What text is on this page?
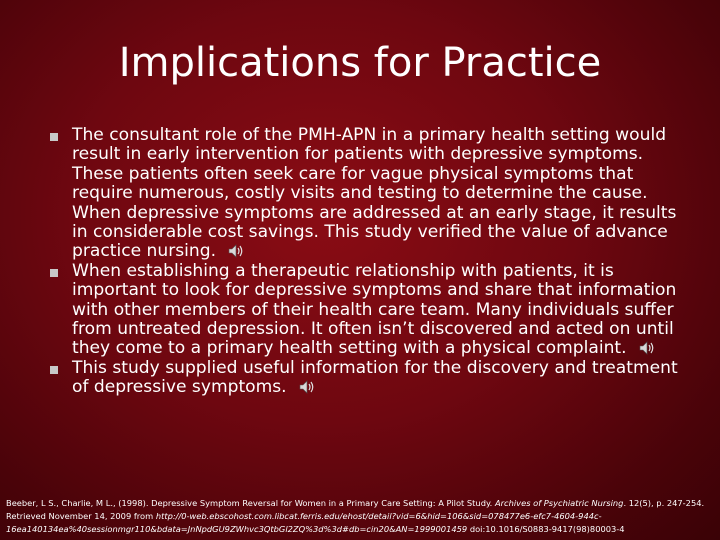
Implications for Practice
The consultant role of the PMH-APN in a primary health setting would result in early intervention for patients with depressive symptoms. These patients often seek care for vague physical symptoms that require numerous, costly visits and testing to determine the cause. When depressive symptoms are addressed at an early stage, it results in considerable cost savings. This study verified the value of advance practice nursing.
When establishing a therapeutic relationship with patients, it is important to look for depressive symptoms and share that information with other members of their health care team. Many individuals suffer from untreated depression. It often isn’t discovered and acted on until they come to a primary health setting with a physical complaint.
This study supplied useful information for the discovery and treatment of depressive symptoms.

Beeber, L S., Charlie, M L., (1998). Depressive Symptom Reversal for Women in a Primary Care Setting: A Pilot Study. Archives of Psychiatric Nursing. 12(5), p. 247-254. Retrieved November 14, 2009 from http://0-web.ebscohost.com.libcat.ferris.edu/ehost/detail?vid=6&hid=106&sid=078477e6-efc7-4604-944c-16ea140134ea%40sessionmgr110&bdata=JnNpdGU9ZWhvc3QtbGl2ZQ%3d%3d#db=cin20&AN=1999001459 doi:10.1016/S0883-9417(98)80003-4
